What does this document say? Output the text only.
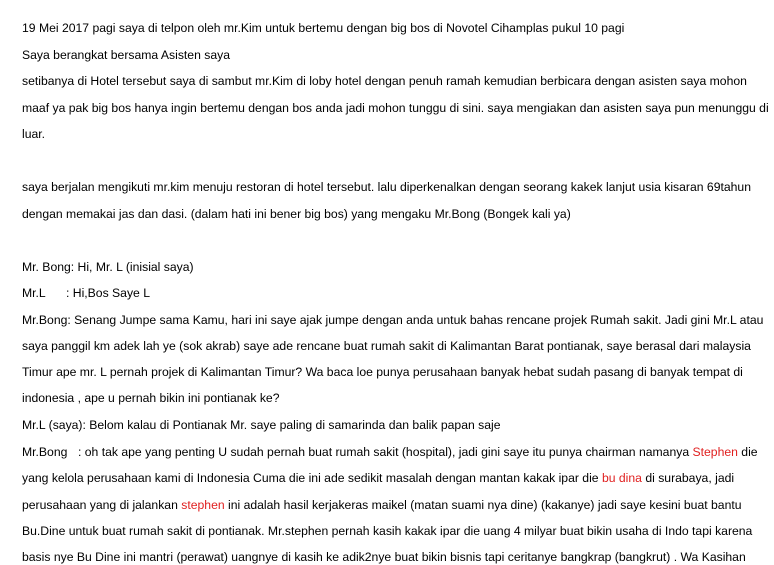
19 Mei 2017 pagi saya di telpon oleh mr.Kim untuk bertemu dengan big bos di Novotel Cihamplas pukul 10 pagi
Saya berangkat bersama Asisten saya
setibanya di Hotel tersebut saya di sambut mr.Kim di loby hotel dengan penuh ramah kemudian berbicara dengan asisten saya mohon
maaf ya pak big bos hanya ingin bertemu dengan bos anda jadi mohon tunggu di sini. saya mengiakan dan asisten saya pun menunggu di
luar.
saya berjalan mengikuti mr.kim menuju restoran di hotel tersebut. lalu diperkenalkan dengan seorang kakek lanjut usia kisaran 69tahun
dengan memakai jas dan dasi. (dalam hati ini bener big bos) yang mengaku Mr.Bong (Bongek kali ya)
Mr. Bong: Hi, Mr. L (inisial saya)
Mr.L : Hi,Bos Saye L
Mr.Bong: Senang Jumpe sama Kamu, hari ini saye ajak jumpe dengan anda untuk bahas rencane projek Rumah sakit. Jadi gini Mr.L atau
saya panggil km adek lah ye (sok akrab) saye ade rencane buat rumah sakit di Kalimantan Barat pontianak, saye berasal dari malaysia
Timur ape mr. L pernah projek di Kalimantan Timur? Wa baca loe punya perusahaan banyak hebat sudah pasang di banyak tempat di
indonesia , ape u pernah bikin ini pontianak ke?
Mr.L (saya): Belom kalau di Pontianak Mr. saye paling di samarinda dan balik papan saje
Mr.Bong : oh tak ape yang penting U sudah pernah buat rumah sakit (hospital), jadi gini saye itu punya chairman namanya Stephen die
yang kelola perusahaan kami di Indonesia Cuma die ini ade sedikit masalah dengan mantan kakak ipar die bu dina di surabaya, jadi
perusahaan yang di jalankan stephen ini adalah hasil kerjakeras maikel (matan suami nya dine) (kakanye) jadi saye kesini buat bantu
Bu.Dine untuk buat rumah sakit di pontianak. Mr.stephen pernah kasih kakak ipar die uang 4 milyar buat bikin usaha di Indo tapi karena
basis nye Bu Dine ini mantri (perawat) uangnye di kasih ke adik2nye buat bikin bisnis tapi ceritanye bangkrap (bangkrut) . Wa Kasihan
